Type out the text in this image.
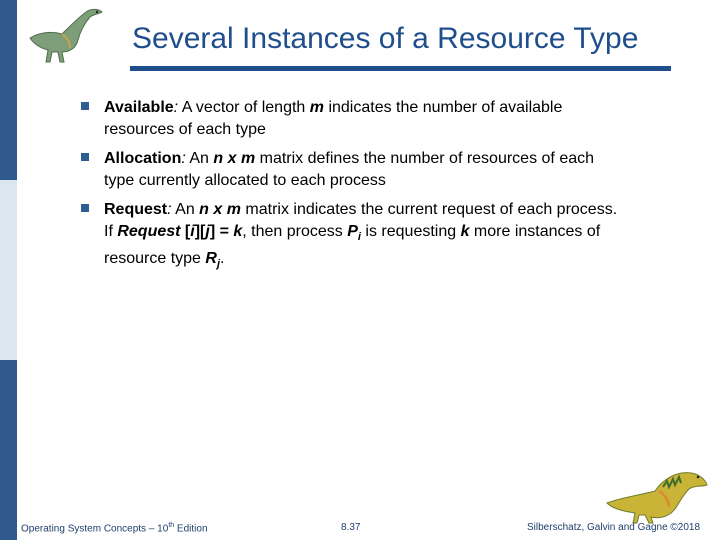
Several Instances of a Resource Type
Available: A vector of length m indicates the number of available resources of each type
Allocation: An n x m matrix defines the number of resources of each type currently allocated to each process
Request: An n x m matrix indicates the current request of each process. If Request [i][j] = k, then process $P_i$ is requesting k more instances of resource type $R_j$.
Operating System Concepts – 10th Edition	8.37	Silberschatz, Galvin and Gagne ©2018
